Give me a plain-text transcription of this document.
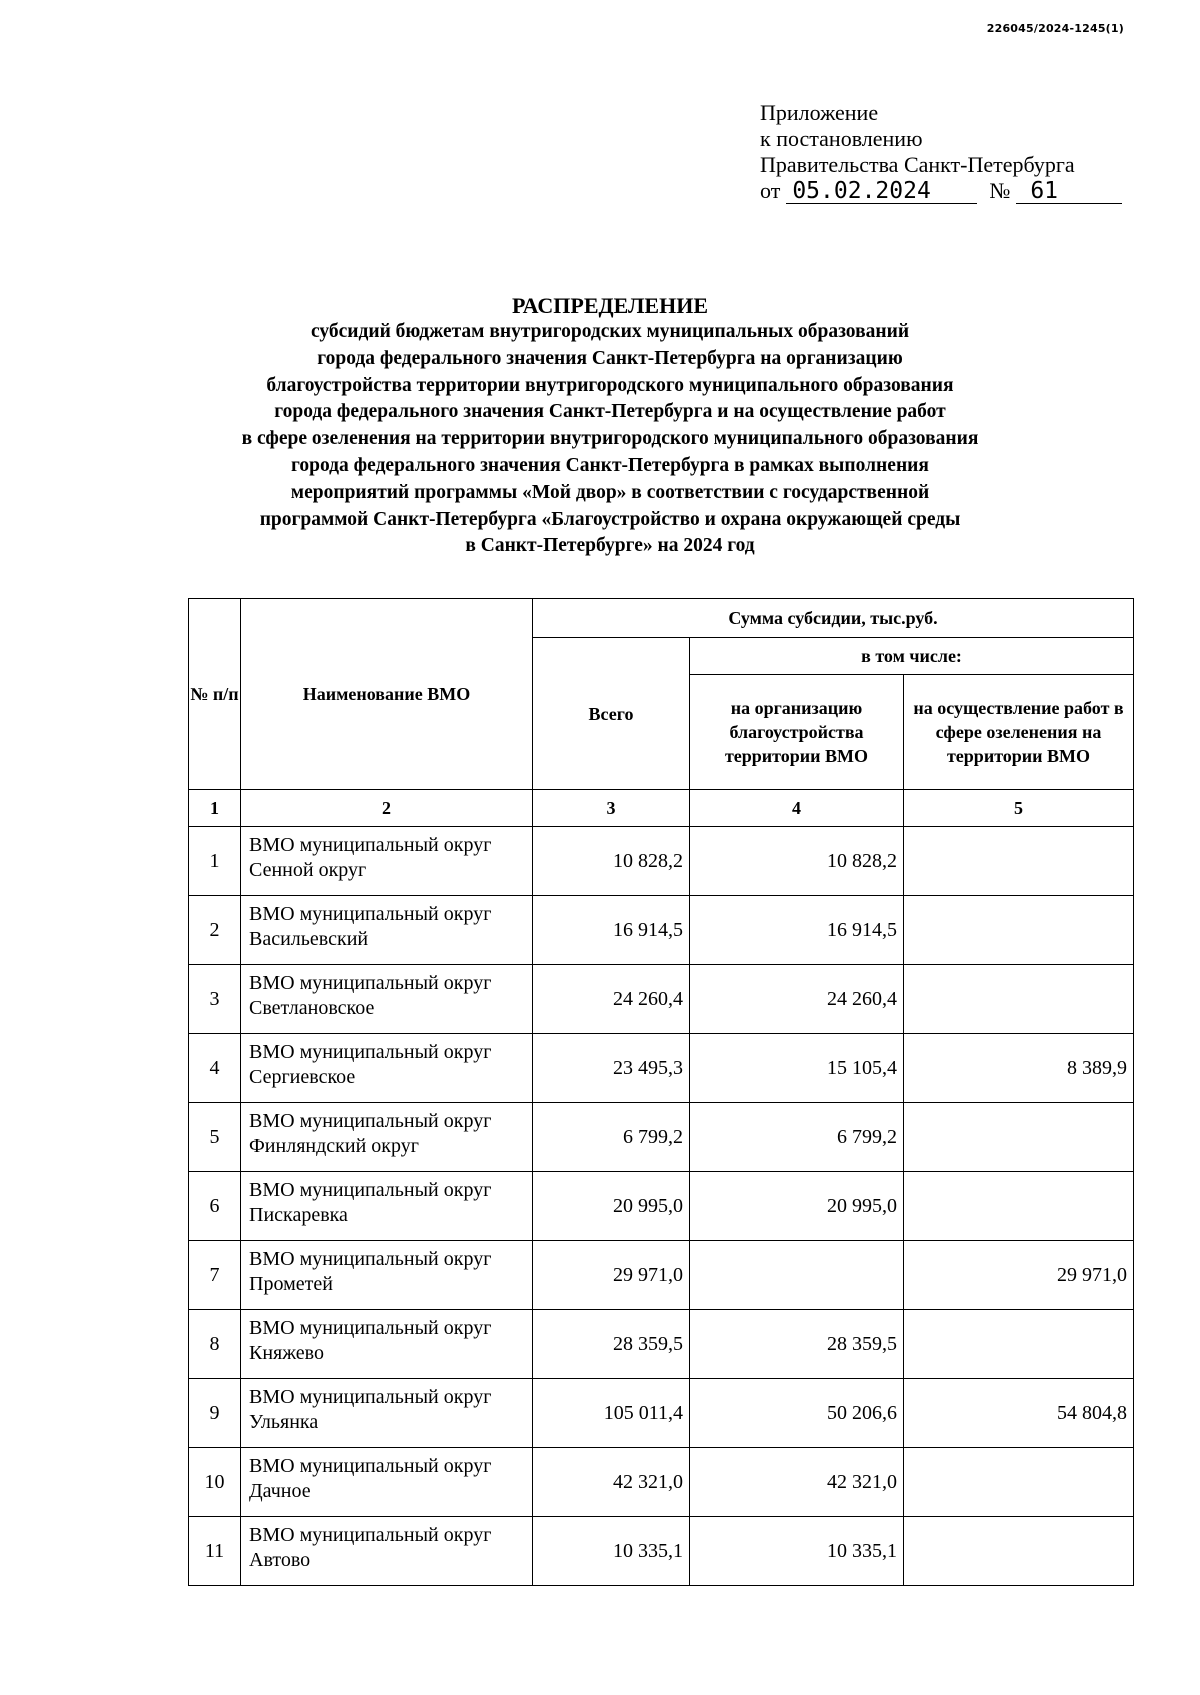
226045/2024-1245(1)
Приложение
к постановлению
Правительства Санкт-Петербурга
от 05.02.2024	№ 61
РАСПРЕДЕЛЕНИЕ
субсидий бюджетам внутригородских муниципальных образований
города федерального значения Санкт-Петербурга на организацию
благоустройства территории внутригородского муниципального образования
города федерального значения Санкт-Петербурга и на осуществление работ
в сфере озеленения на территории внутригородского муниципального образования
города федерального значения Санкт-Петербурга в рамках выполнения
мероприятий программы «Мой двор» в соответствии с государственной
программой Санкт-Петербурга «Благоустройство и охрана окружающей среды
в Санкт-Петербурге» на 2024 год
№ п/п	Наименование ВМО	Сумма субсидии, тыс.руб.		
		Всего	в том числе:	
			на организацию благоустройства территории ВМО	на осуществление работ в сфере озеленения на территории ВМО
1	2	3	4	5
1	ВМО муниципальный округ Сенной округ	10 828,2	10 828,2	
2	ВМО муниципальный округ Васильевский	16 914,5	16 914,5	
3	ВМО муниципальный округ Светлановское	24 260,4	24 260,4	
4	ВМО муниципальный округ Сергиевское	23 495,3	15 105,4	8 389,9
5	ВМО муниципальный округ Финляндский округ	6 799,2	6 799,2	
6	ВМО муниципальный округ Пискаревка	20 995,0	20 995,0	
7	ВМО муниципальный округ Прометей	29 971,0		29 971,0
8	ВМО муниципальный округ Княжево	28 359,5	28 359,5	
9	ВМО муниципальный округ Ульянка	105 011,4	50 206,6	54 804,8
10	ВМО муниципальный округ Дачное	42 321,0	42 321,0	
11	ВМО муниципальный округ Автово	10 335,1	10 335,1	
